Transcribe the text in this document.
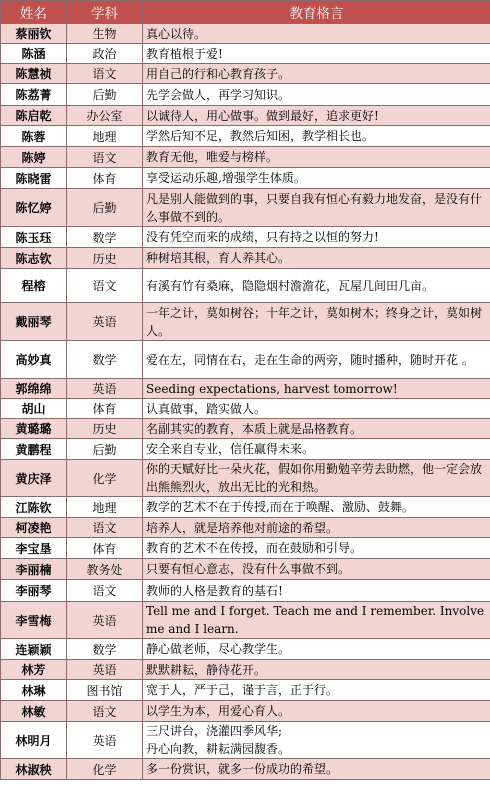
姓名	学科	教育格言
蔡丽钦	生物	真心以待。
陈涵	政治	教育植根于爱!
陈慧祯	语文	用自己的行和心教育孩子。
陈荔菁	后勤	先学会做人，再学习知识。
陈启乾	办公室	以诚待人，用心做事。做到最好，追求更好!
陈蓉	地理	学然后知不足，教然后知困，教学相长也。
陈婷	语文	教育无他，唯爱与榜样。
陈晓雷	体育	享受运动乐趣,增强学生体质。
陈忆婷	后勤	凡是别人能做到的事，只要自我有恒心有毅力地发奋，是没有什么事做不到的。
陈玉珏	数学	没有凭空而来的成绩，只有持之以恒的努力!
陈志钦	历史	种树培其根，育人养其心。
程榕	语文	有溪有竹有桑麻，隐隐烟村澹澹花，瓦屋几间田几亩。
戴丽琴	英语	一年之计，莫如树谷；十年之计，莫如树木；终身之计，莫如树人。
高妙真	数学	爱在左，同情在右，走在生命的两旁，随时播种，随时开花 。
郭绵绵	英语	Seeding expectations, harvest tomorrow!
胡山	体育	认真做事，踏实做人。
黄璐璐	历史	名副其实的教育，本质上就是品格教育。
黄鹏程	后勤	安全来自专业，信任赢得未来。
黄庆泽	化学	你的天赋好比一朵火花，假如你用勤勉辛劳去助燃，他一定会放出熊熊烈火，放出无比的光和热。
江陈钦	地理	教学的艺术不在于传授,而在于唤醒、激励、鼓舞。
柯凌艳	语文	培养人，就是培养他对前途的希望。
李宝垦	体育	教育的艺术不在传授，而在鼓励和引导。
李丽楠	教务处	只要有恒心意志，没有什么事做不到。
李丽琴	语文	教师的人格是教育的基石!
李雪梅	英语	Tell me and I forget. Teach me and I remember. Involve me and I learn.
连颖颖	数学	静心做老师，尽心教学生。
林芳	英语	默默耕耘，静待花开。
林琳	图书馆	宽于人，严于己，谨于言，正于行。
林敏	语文	以学生为本，用爱心育人。
林明月	英语	三尺讲台，浇灌四季风华;
丹心向教，耕耘满园馥香。
林淑秧	化学	多一份赏识，就多一份成功的希望。
